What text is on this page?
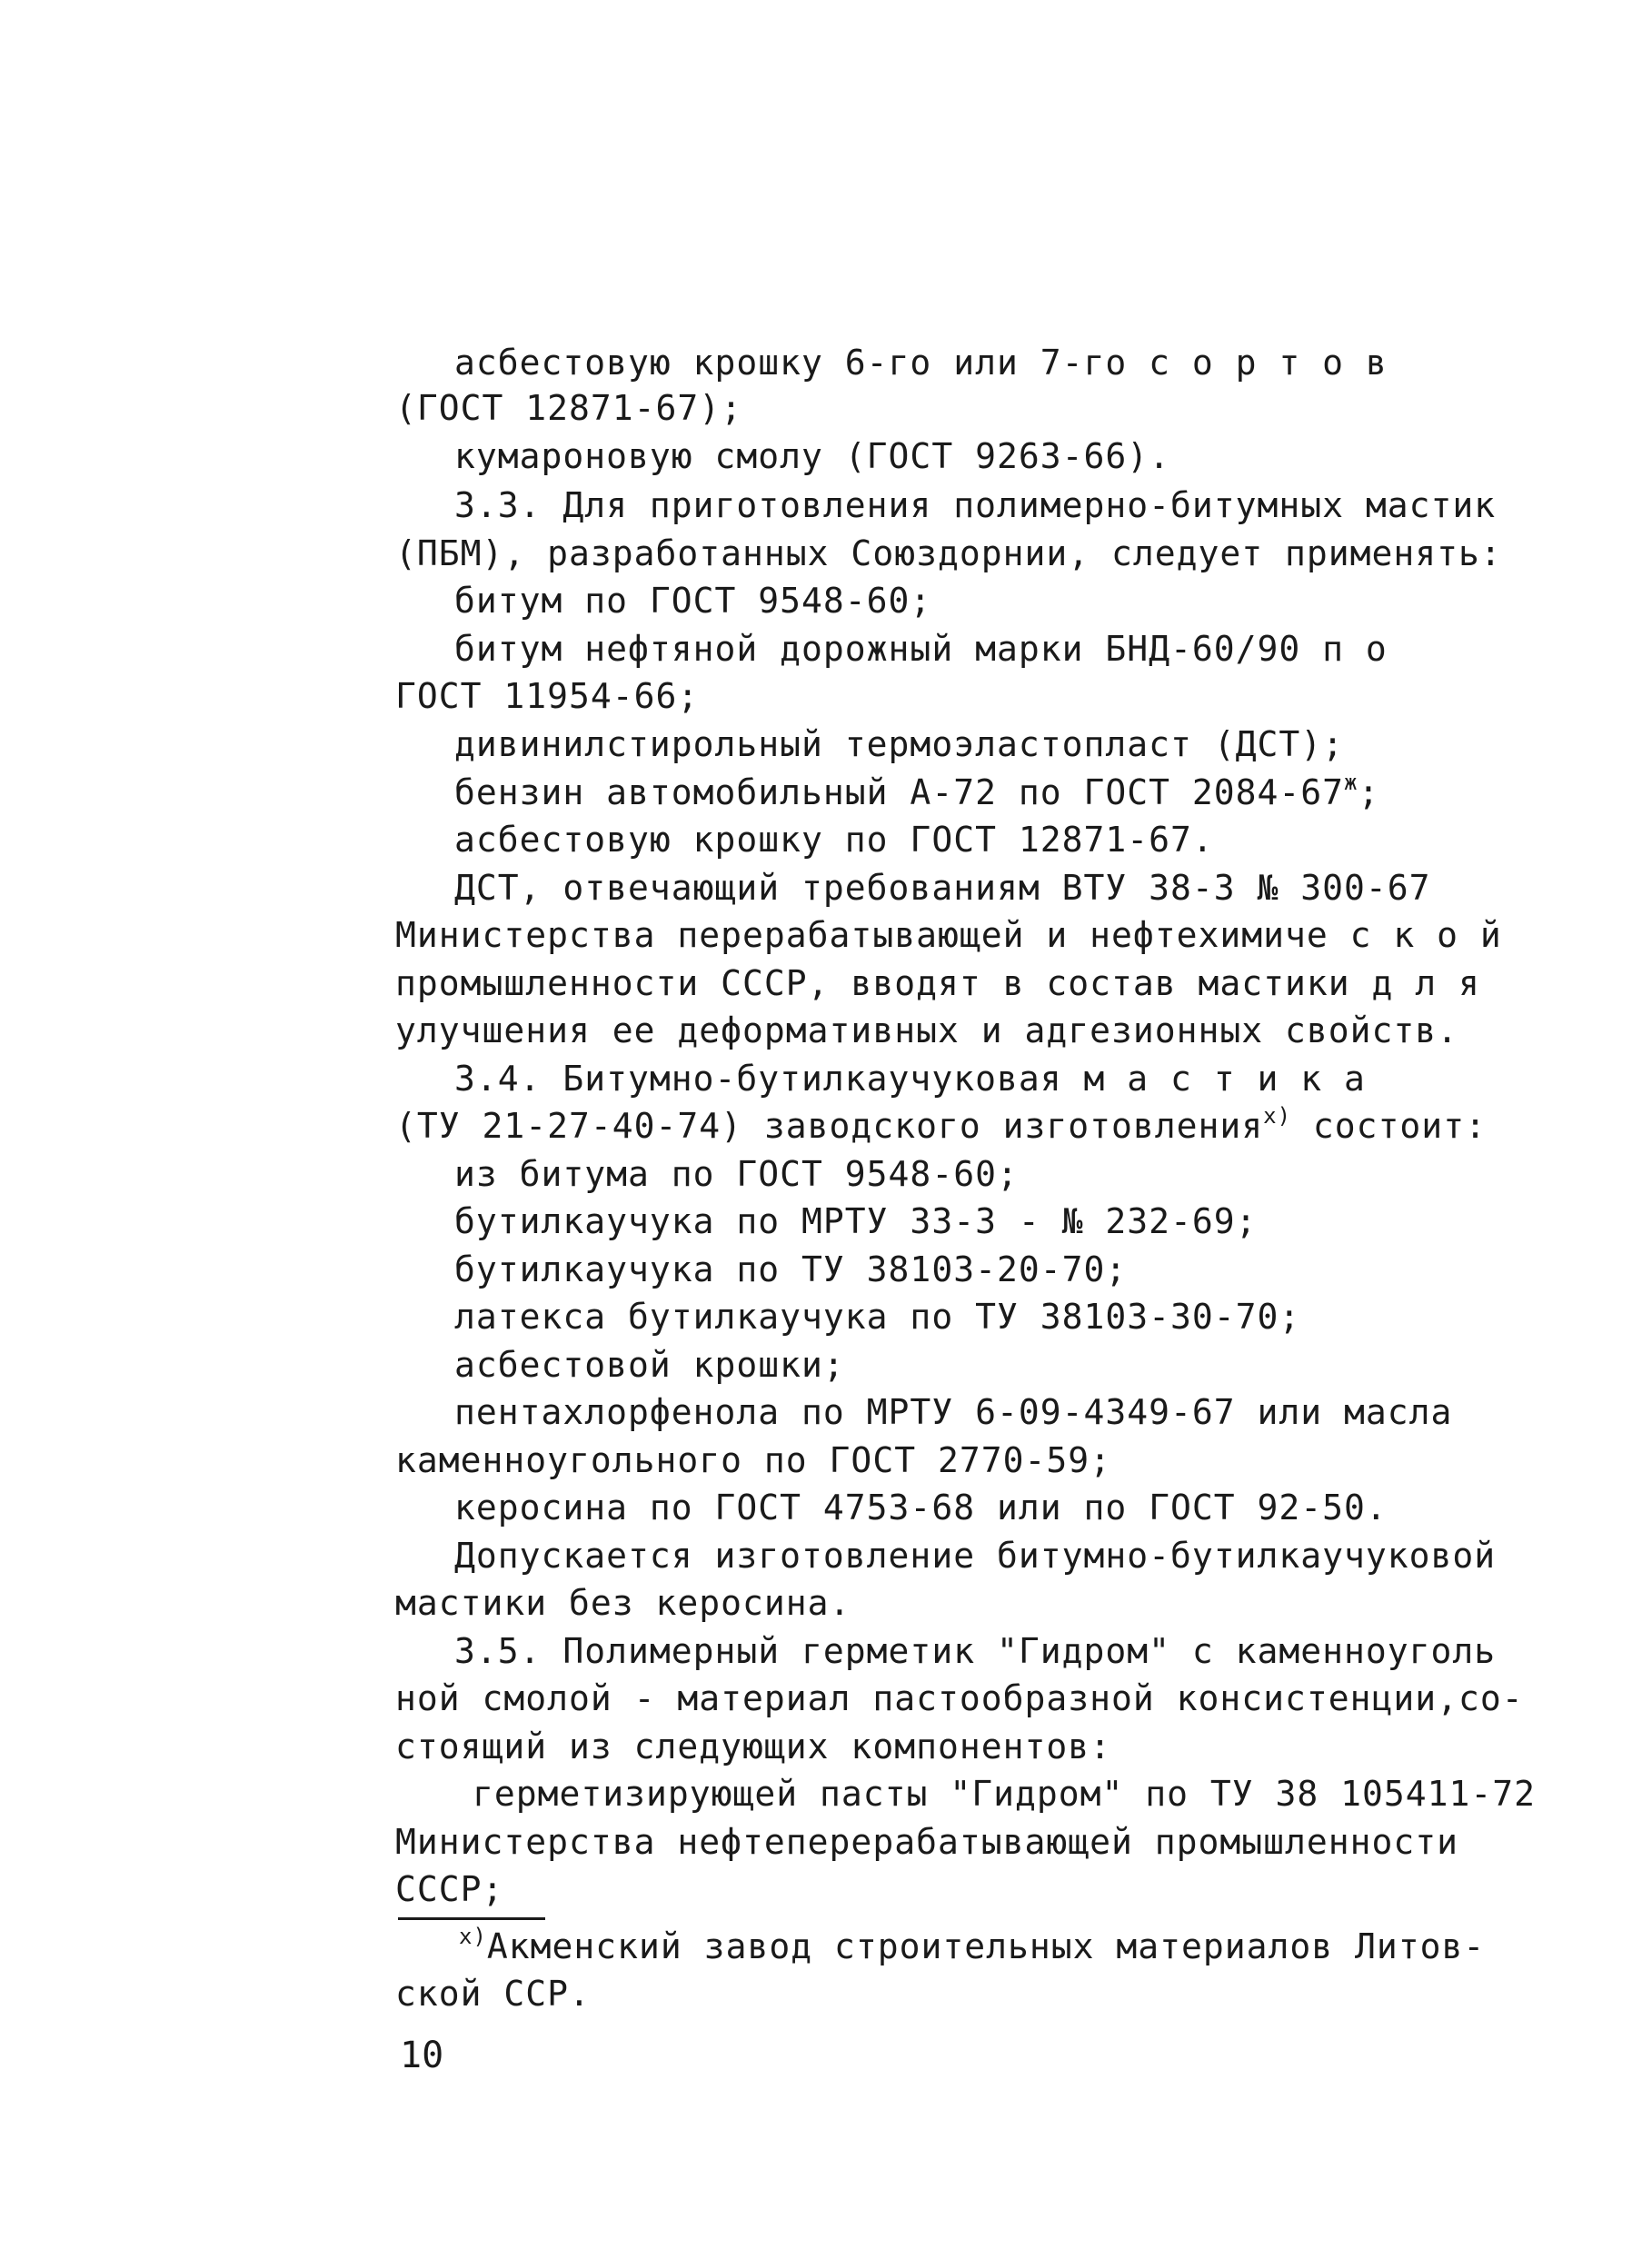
асбестовую крошку 6-го или 7-го с о р т о в
(ГОСТ 12871-67);
кумароновую смолу (ГОСТ 9263-66).
3.3. Для приготовления полимерно-битумных мастик
(ПБМ), разработанных Союздорнии, следует применять:
битум по ГОСТ 9548-60;
битум нефтяной дорожный марки БНД-60/90 п о
ГОСТ 11954-66;
дивинилстирольный термоэластопласт (ДСТ);
бензин автомобильный А-72 по ГОСТ $2084-67^ж$;
асбестовую крошку по ГОСТ 12871-67.
ДСТ, отвечающий требованиям ВТУ 38-3 № 300-67
Министерства перерабатывающей и нефтехимиче с к о й
промышленности СССР, вводят в состав мастики д л я
улучшения ее деформативных и адгезионных свойств.
3.4. Битумно-бутилкаучуковая м а с т и к а
(ТУ 21-27-40-74) заводского изготовления$^{х)}$ состоит:
из битума по ГОСТ 9548-60;
бутилкаучука по МРТУ 33-3 - № 232-69;
бутилкаучука по ТУ 38103-20-70;
латекса бутилкаучука по ТУ 38103-30-70;
асбестовой крошки;
пентахлорфенола по МРТУ 6-09-4349-67 или масла
каменноугольного по ГОСТ 2770-59;
керосина по ГОСТ 4753-68 или по ГОСТ 92-50.
Допускается изготовление битумно-бутилкаучуковой
мастики без керосина.
3.5. Полимерный герметик "Гидром" с каменноуголь
ной смолой - материал пастообразной консистенции,со-
стоящий из следующих компонентов:
герметизирующей пасты "Гидром" по ТУ 38 105411-72
Министерства нефтеперерабатывающей промышленности
СССР;
$^{х)}$Акменский завод строительных материалов Литов-
ской ССР.
10
